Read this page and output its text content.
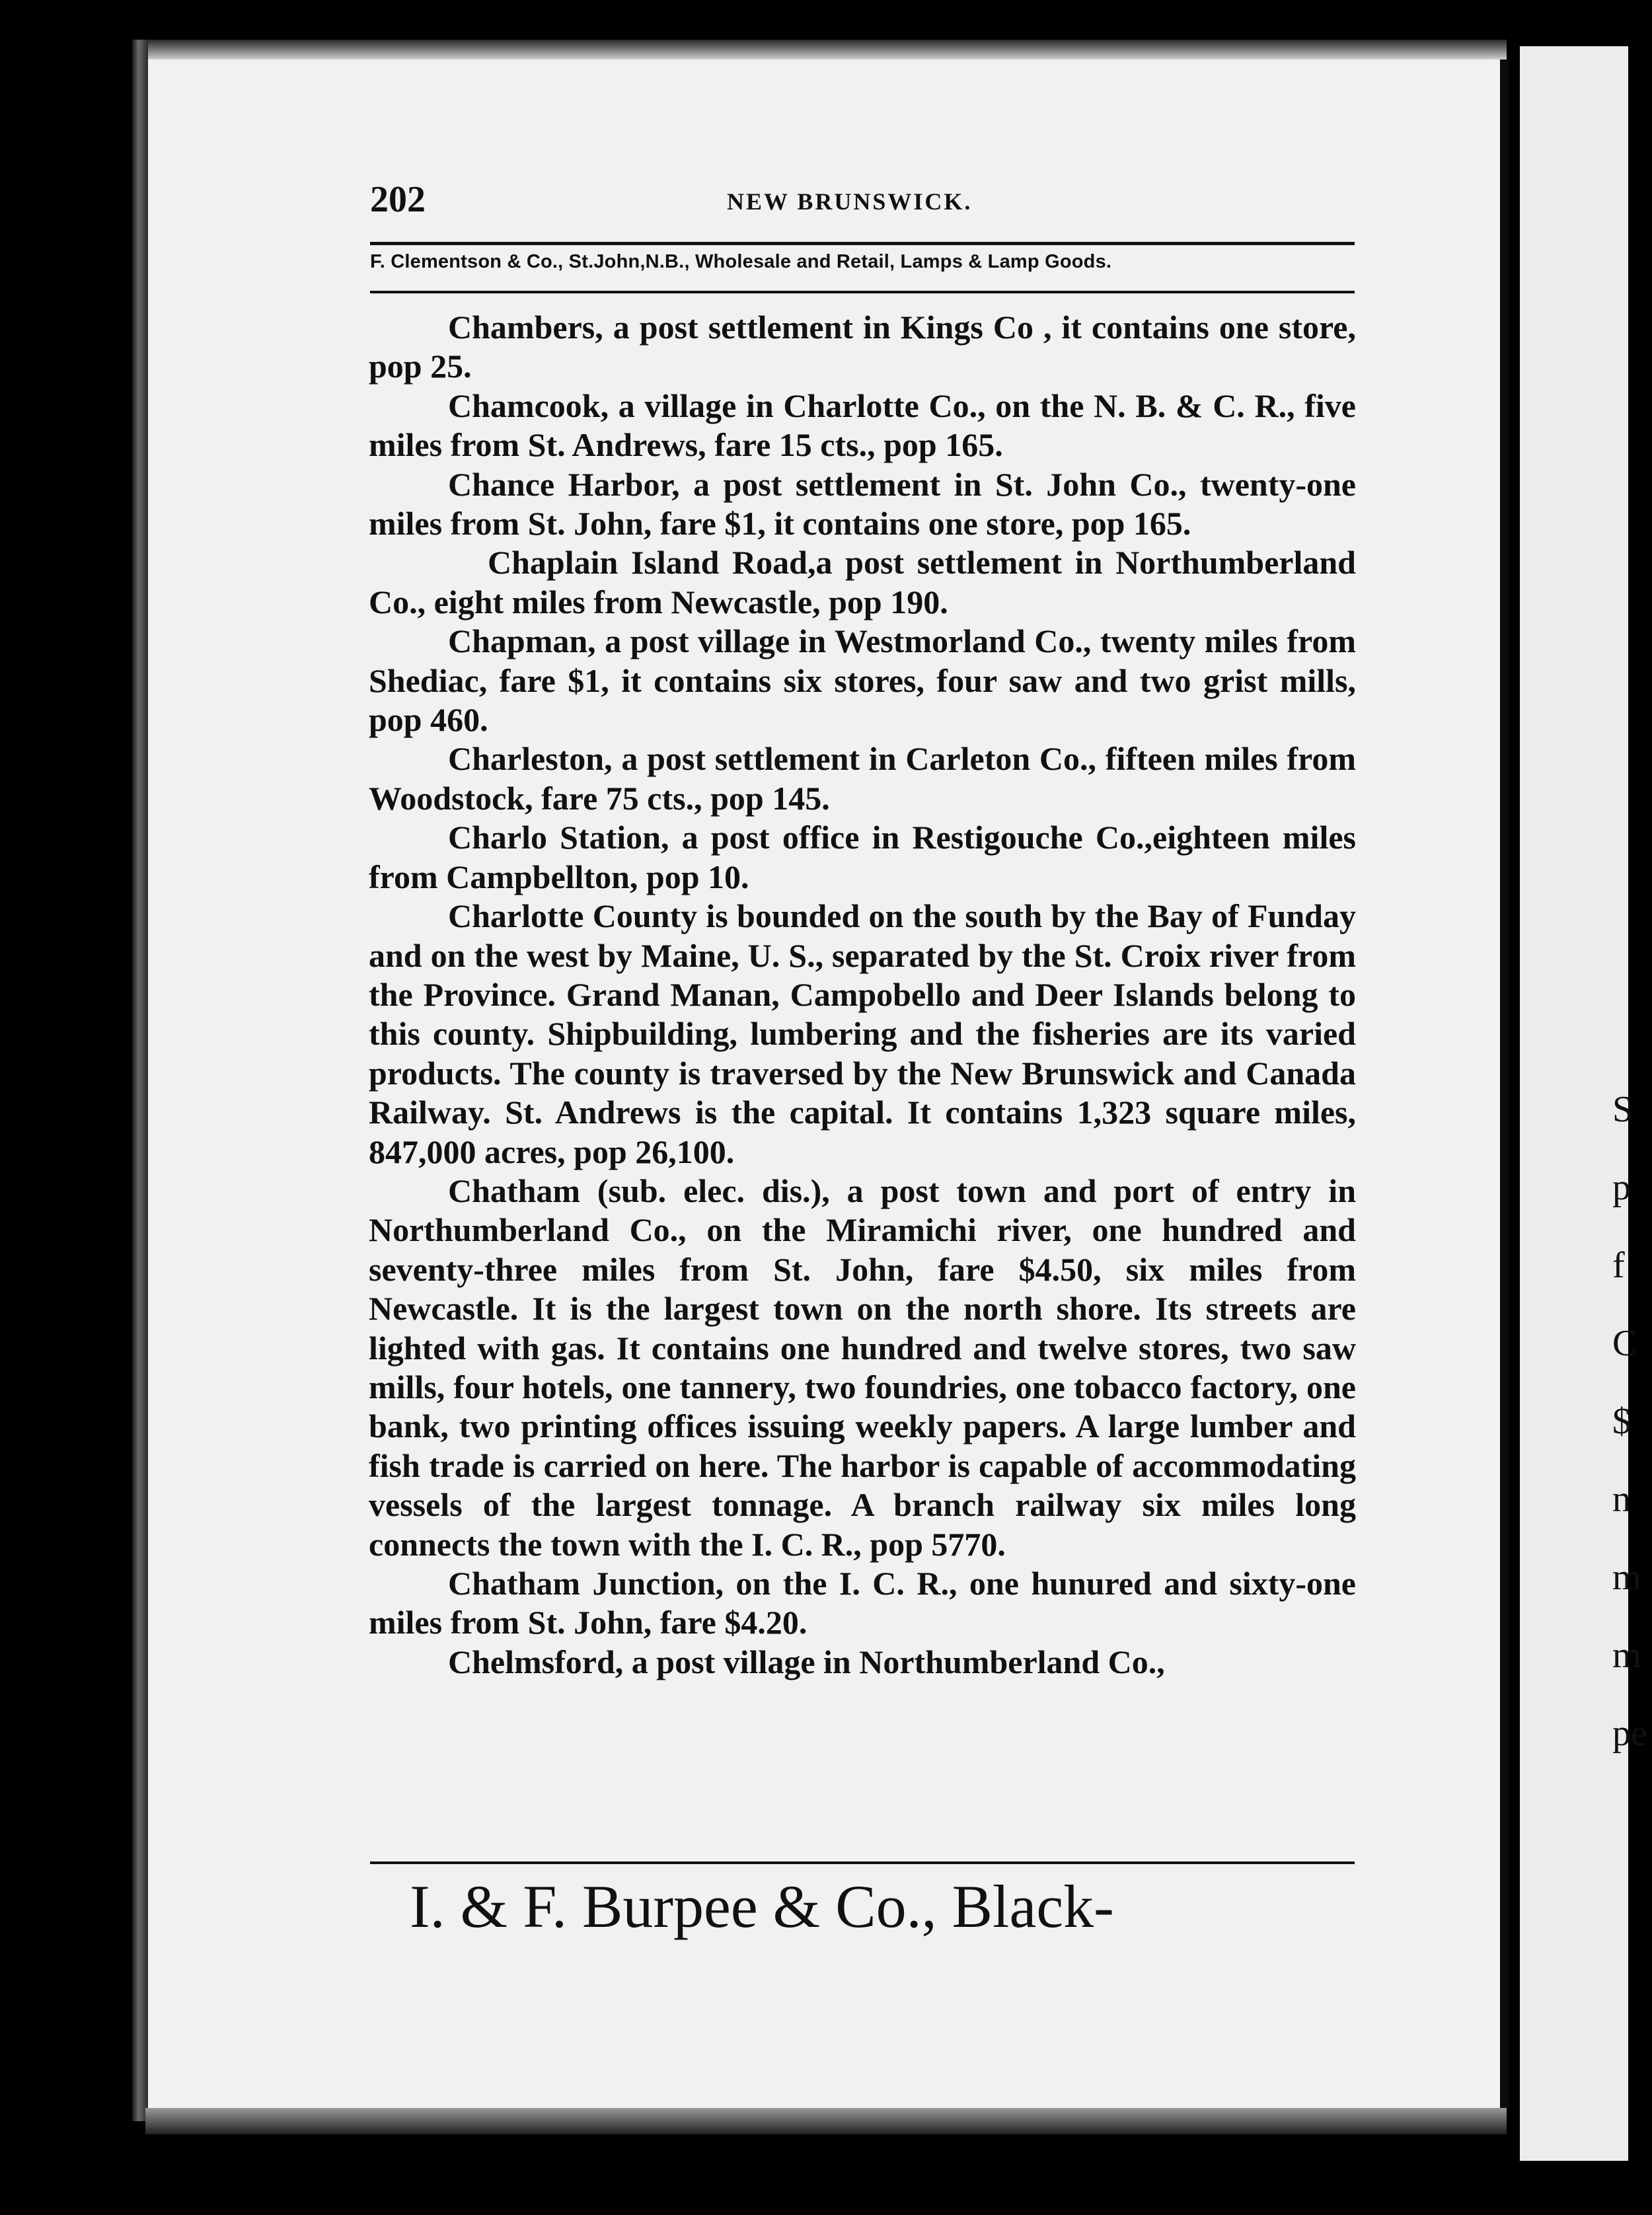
S
p
f
C
$
n
m
m
pe
202	NEW BRUNSWICK.
F. Clementson & Co., St.John,N.B., Wholesale and Retail, Lamps & Lamp Goods.

Chambers, a post settlement in Kings Co , it contains one store, pop 25.

Chamcook, a village in Charlotte Co., on the N. B. & C. R., five miles from St. Andrews, fare 15 cts., pop 165.

Chance Harbor, a post settlement in St. John Co., twenty-one miles from St. John, fare $1, it contains one store, pop 165.

Chaplain Island Road,a post settlement in Northumberland Co., eight miles from Newcastle, pop 190.

Chapman, a post village in Westmorland Co., twenty miles from Shediac, fare $1, it contains six stores, four saw and two grist mills, pop 460.

Charleston, a post settlement in Carleton Co., fifteen miles from Woodstock, fare 75 cts., pop 145.

Charlo Station, a post office in Restigouche Co.,eighteen miles from Campbellton, pop 10.

Charlotte County is bounded on the south by the Bay of Funday and on the west by Maine, U. S., separated by the St. Croix river from the Province. Grand Manan, Campobello and Deer Islands belong to this county. Shipbuilding, lumbering and the fisheries are its varied products. The county is traversed by the New Brunswick and Canada Railway. St. Andrews is the capital. It contains 1,323 square miles, 847,000 acres, pop 26,100.

Chatham (sub. elec. dis.), a post town and port of entry in Northumberland Co., on the Miramichi river, one hundred and seventy-three miles from St. John, fare $4.50, six miles from Newcastle. It is the largest town on the north shore. Its streets are lighted with gas. It contains one hundred and twelve stores, two saw mills, four hotels, one tannery, two foundries, one tobacco factory, one bank, two printing offices issuing weekly papers. A large lumber and fish trade is carried on here. The harbor is capable of accommodating vessels of the largest tonnage. A branch railway six miles long connects the town with the I. C. R., pop 5770.

Chatham Junction, on the I. C. R., one hunured and sixty-one miles from St. John, fare $4.20.

Chelmsford, a post village in Northumberland Co.,

I. & F. Burpee & Co., Black-
